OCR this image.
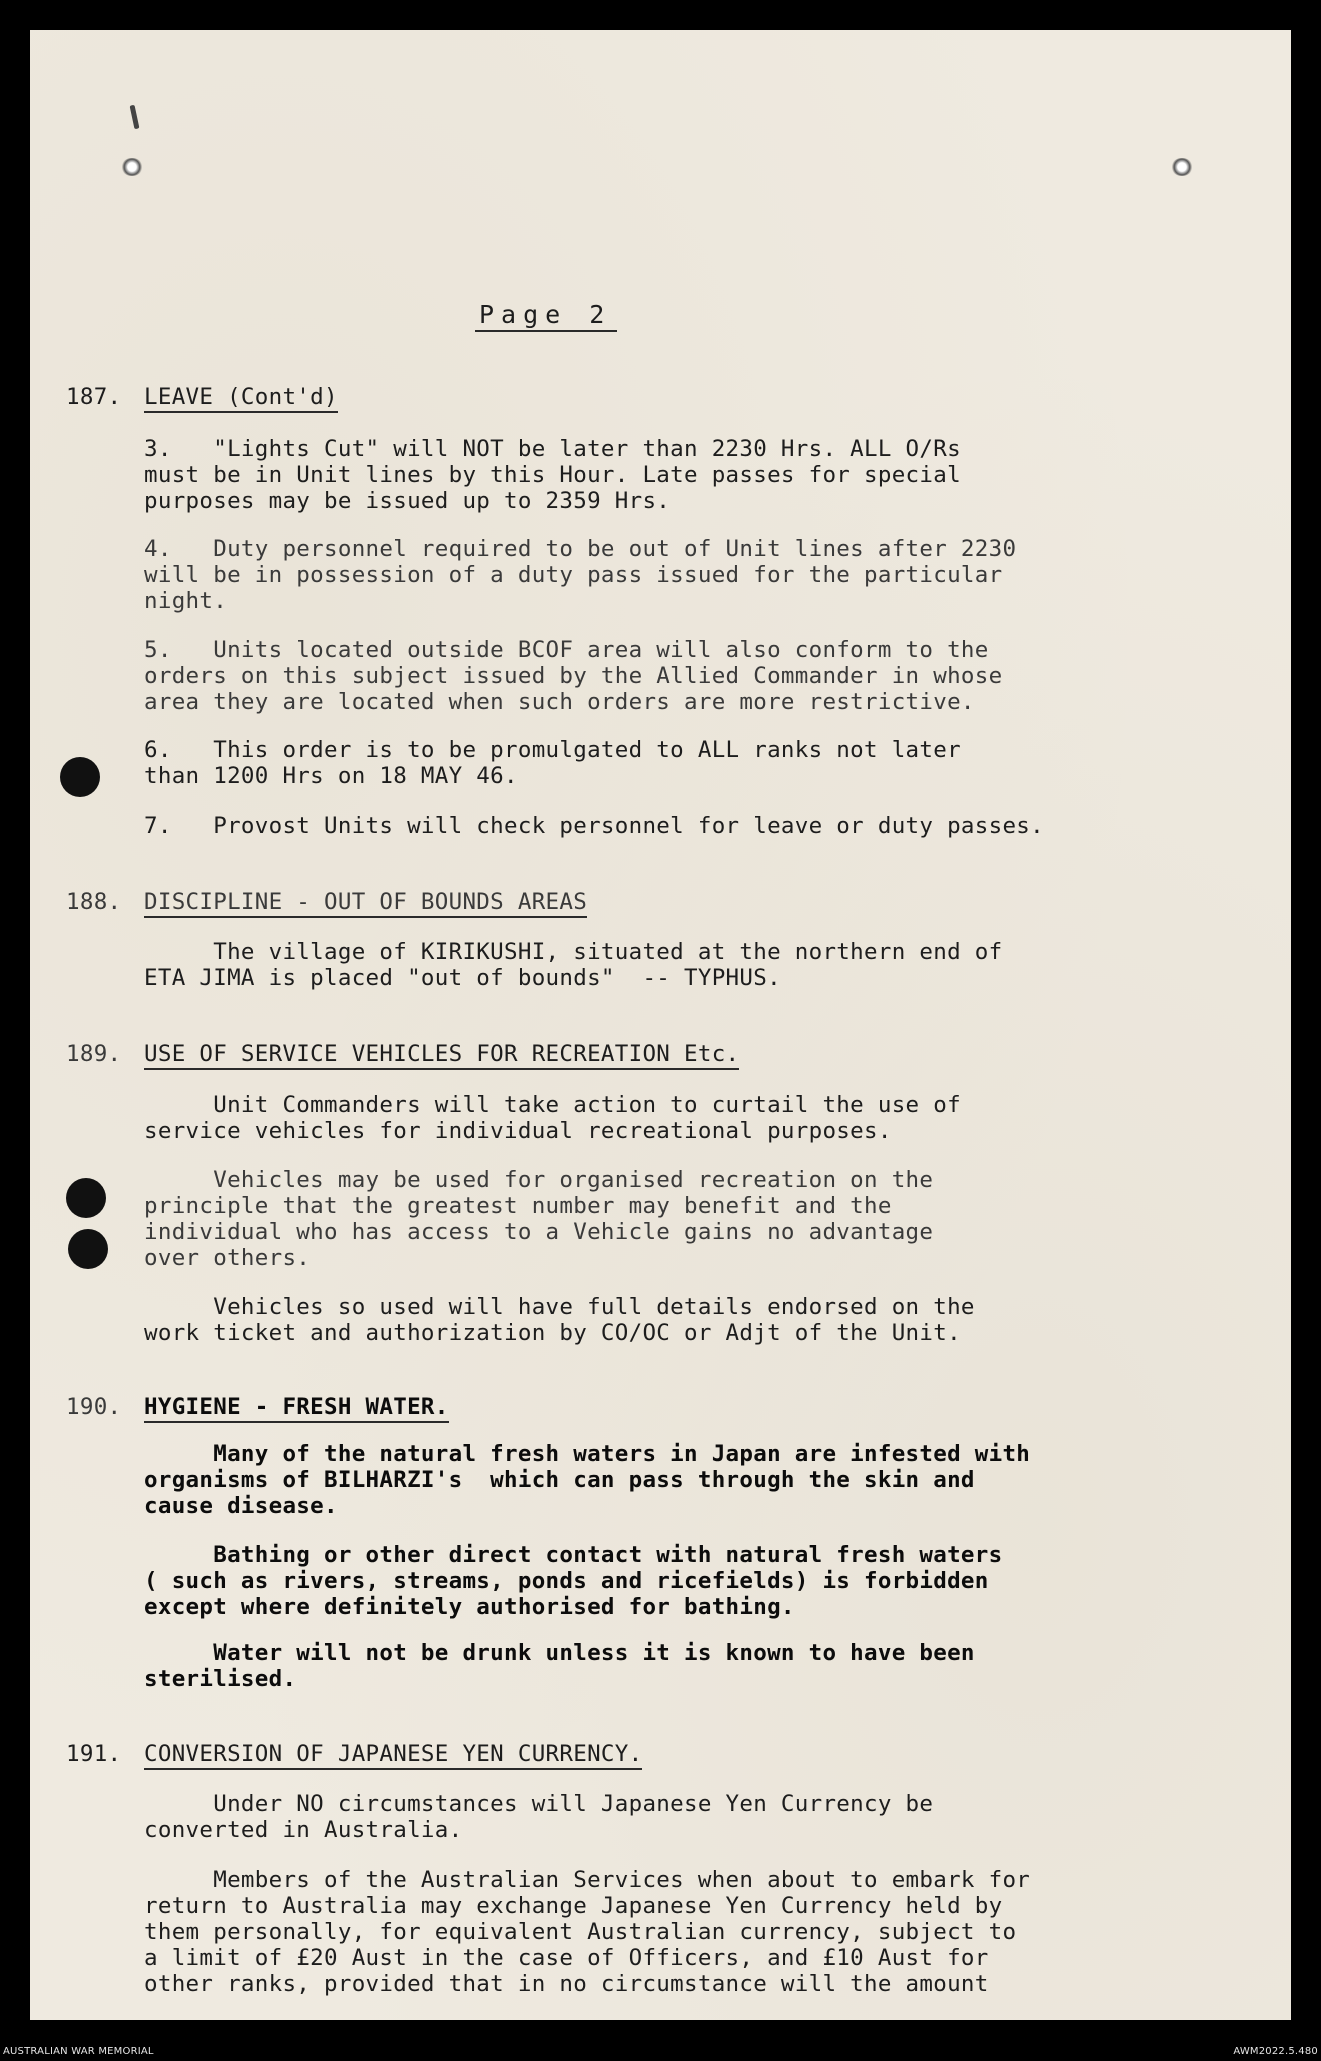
Page 2
187.	LEAVE (Cont'd)
3.   "Lights Cut" will NOT be later than 2230 Hrs. ALL O/Rs
must be in Unit lines by this Hour. Late passes for special
purposes may be issued up to 2359 Hrs.
4.   Duty personnel required to be out of Unit lines after 2230
will be in possession of a duty pass issued for the particular
night.
5.   Units located outside BCOF area will also conform to the
orders on this subject issued by the Allied Commander in whose
area they are located when such orders are more restrictive.
6.   This order is to be promulgated to ALL ranks not later
than 1200 Hrs on 18 MAY 46.
7.   Provost Units will check personnel for leave or duty passes.
188.	DISCIPLINE - OUT OF BOUNDS AREAS
The village of KIRIKUSHI, situated at the northern end of
ETA JIMA is placed "out of bounds"  -- TYPHUS.
189.	USE OF SERVICE VEHICLES FOR RECREATION Etc.
Unit Commanders will take action to curtail the use of
service vehicles for individual recreational purposes.
Vehicles may be used for organised recreation on the
principle that the greatest number may benefit and the
individual who has access to a Vehicle gains no advantage
over others.
Vehicles so used will have full details endorsed on the
work ticket and authorization by CO/OC or Adjt of the Unit.
190.	HYGIENE - FRESH WATER.
Many of the natural fresh waters in Japan are infested with
organisms of BILHARZI's  which can pass through the skin and
cause disease.
Bathing or other direct contact with natural fresh waters
( such as rivers, streams, ponds and ricefields) is forbidden
except where definitely authorised for bathing.
Water will not be drunk unless it is known to have been
sterilised.
191.	CONVERSION OF JAPANESE YEN CURRENCY.
Under NO circumstances will Japanese Yen Currency be
converted in Australia.
Members of the Australian Services when about to embark for
return to Australia may exchange Japanese Yen Currency held by
them personally, for equivalent Australian currency, subject to
a limit of £20 Aust in the case of Officers, and £10 Aust for
other ranks, provided that in no circumstance will the amount
AUSTRALIAN WAR MEMORIAL	AWM2022.5.480
